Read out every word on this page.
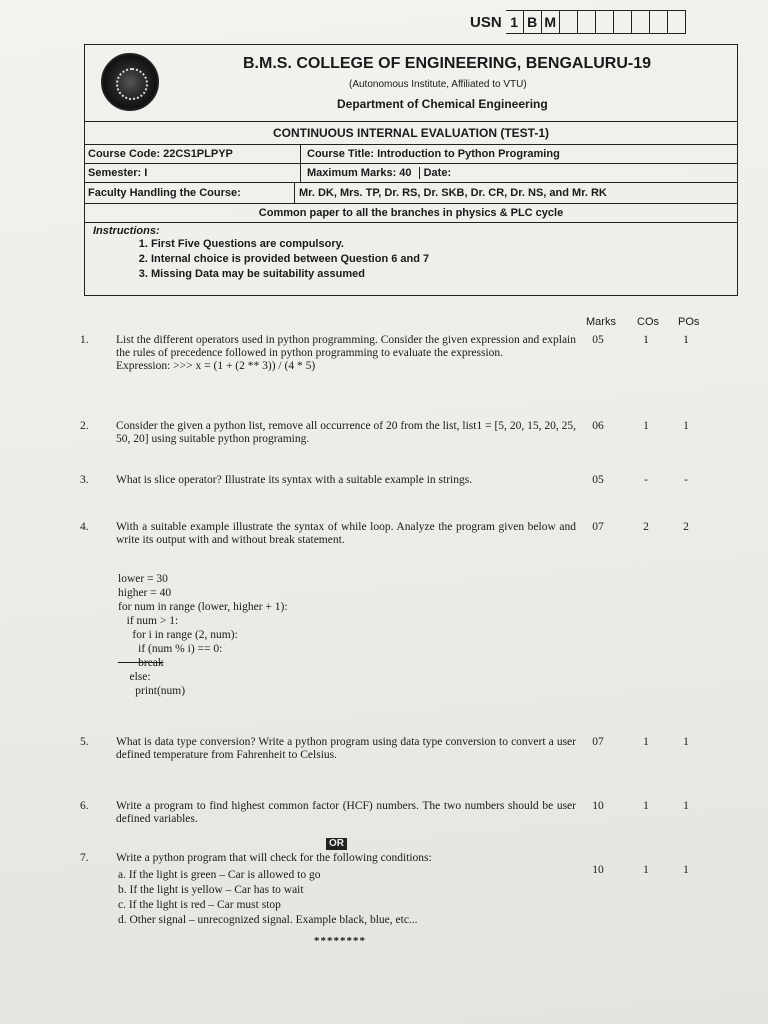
USN 1 B M
B.M.S. COLLEGE OF ENGINEERING, BENGALURU-19
(Autonomous Institute, Affiliated to VTU)
Department of Chemical Engineering
CONTINUOUS INTERNAL EVALUATION (TEST-1)
Course Code: 22CS1PLPYP	Course Title: Introduction to Python Programing
Semester: I	Maximum Marks: 40 Date:
Faculty Handling the Course:	Mr. DK, Mrs. TP, Dr. RS, Dr. SKB, Dr. CR, Dr. NS, and Mr. RK
Common paper to all the branches in physics & PLC cycle
Instructions:
1. First Five Questions are compulsory.
2. Internal choice is provided between Question 6 and 7
3. Missing Data may be suitability assumed
Marks COs POs
1.	List the different operators used in python programming. Consider the given expression and explain the rules of precedence followed in python programming to evaluate the expression.
Expression: >>> x = (1 + (2 ** 3)) / (4 * 5)
05	1	1
2.	Consider the given a python list, remove all occurrence of 20 from the list, list1 = [5, 20, 15, 20, 25, 50, 20] using suitable python programing.
06	1	1
3.	What is slice operator? Illustrate its syntax with a suitable example in strings.	05	-	-
4.	With a suitable example illustrate the syntax of while loop. Analyze the program given below and write its output with and without break statement.
07	2	2
lower = 30
higher = 40
for num in range (lower, higher + 1):
if num > 1:
for i in range (2, num):
if (num % i) == 0:
break
else:
print(num)
5.	What is data type conversion? Write a python program using data type conversion to convert a user defined temperature from Fahrenheit to Celsius.
07	1	1
6.	Write a program to find highest common factor (HCF) numbers. The two numbers should be user defined variables.
10	1	1
OR
7.	Write a python program that will check for the following conditions:
10	1	1
a. If the light is green – Car is allowed to go
b. If the light is yellow – Car has to wait
c. If the light is red – Car must stop
d. Other signal – unrecognized signal. Example black, blue, etc...
********
